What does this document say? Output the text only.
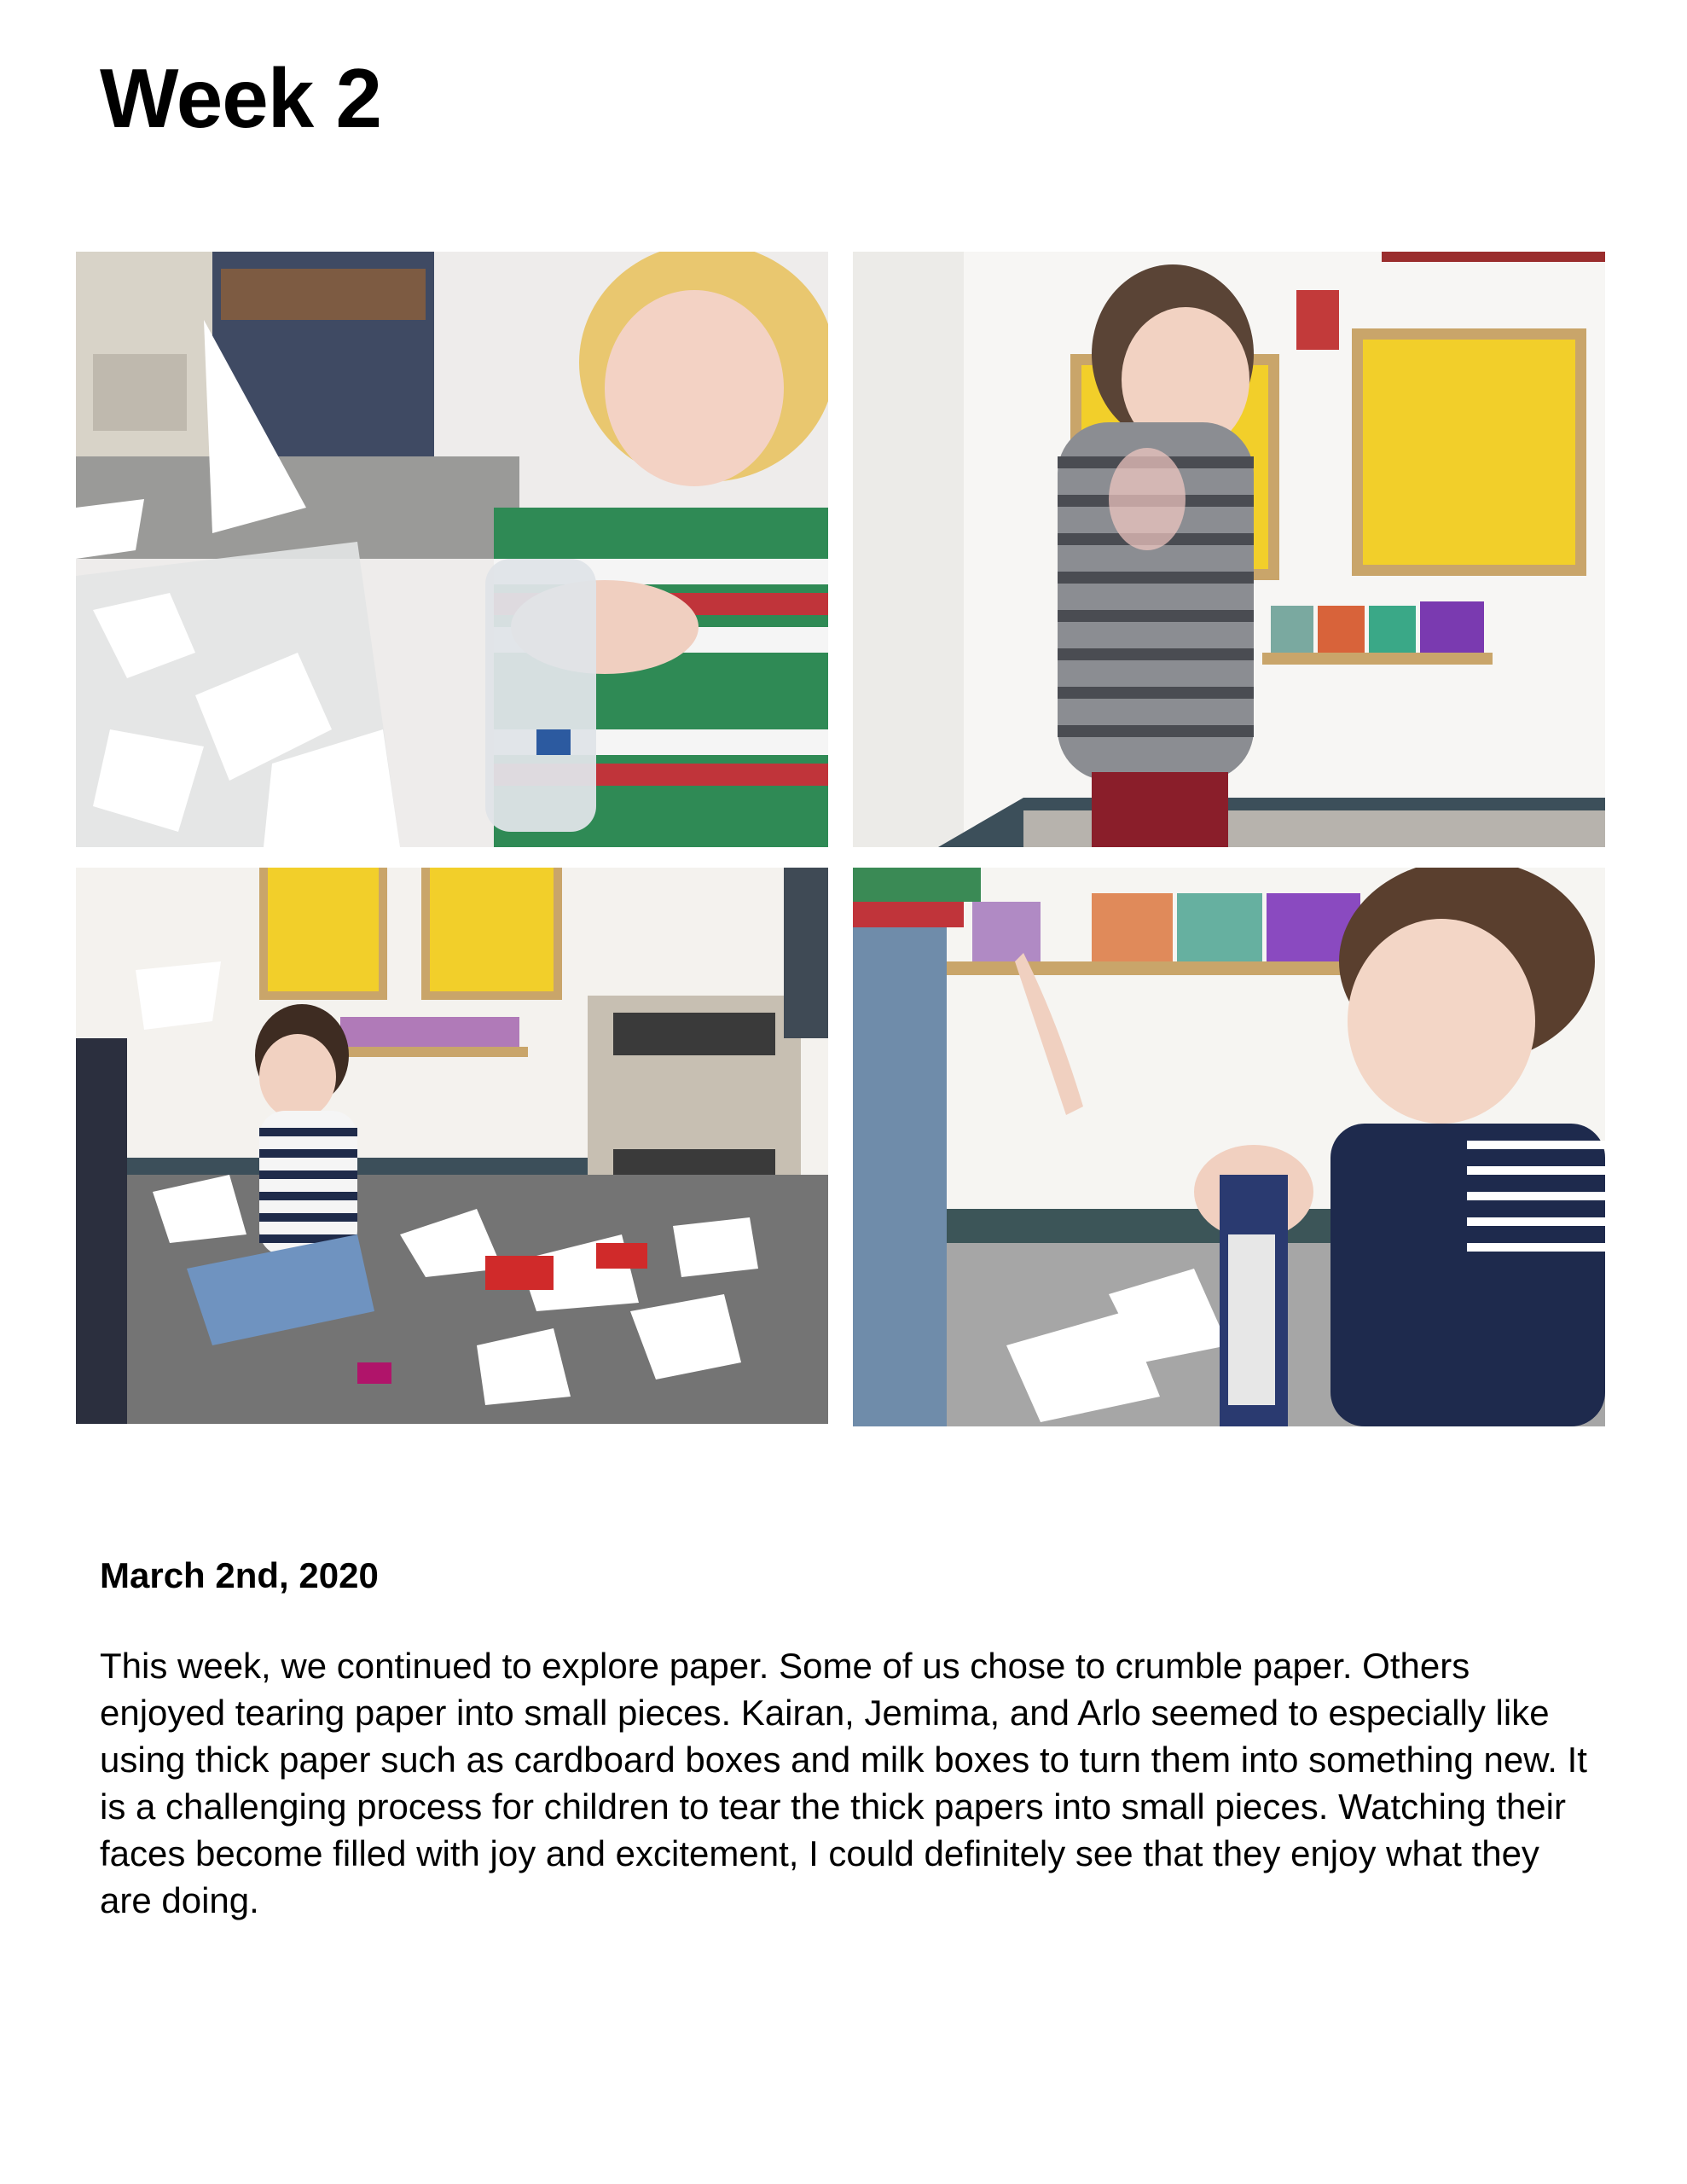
Week 2

March 2nd, 2020

This week, we continued to explore paper. Some of us chose to crumble paper. Others enjoyed tearing paper into small pieces. Kairan, Jemima, and Arlo seemed to especially like using thick paper such as cardboard boxes and milk boxes to turn them into something new. It is a challenging process for children to tear the thick papers into small pieces. Watching their faces become filled with joy and excitement, I could definitely see that they enjoy what they are doing.
